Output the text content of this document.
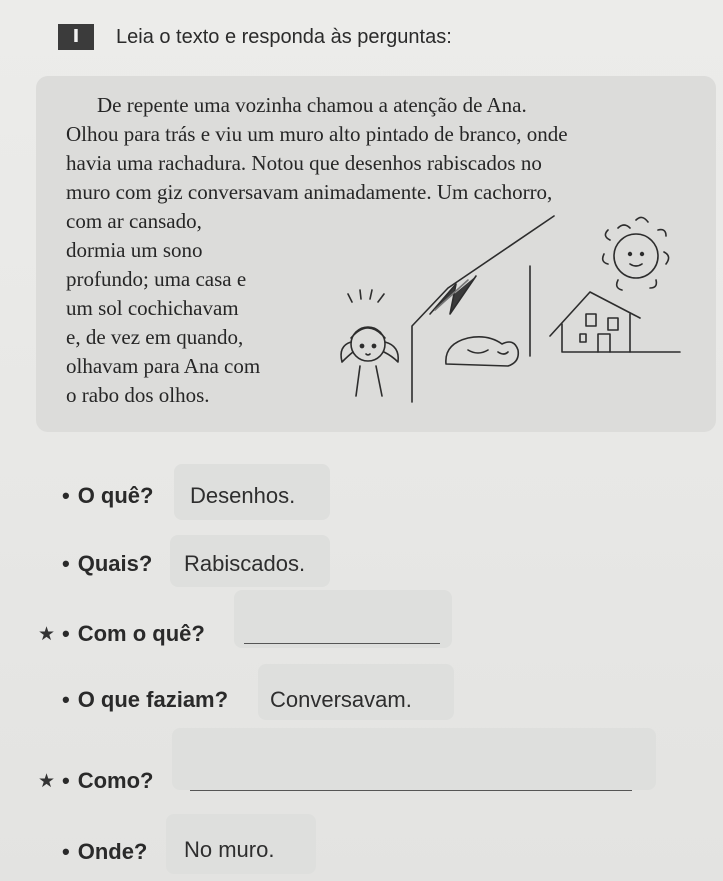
I	Leia o texto e responda às perguntas:
De repente uma vozinha chamou a atenção de Ana.
Olhou para trás e viu um muro alto pintado de branco, onde
havia uma rachadura. Notou que desenhos rabiscados no
muro com giz conversavam animadamente. Um cachorro,
com ar cansado,
dormia um sono
profundo; uma casa e
um sol cochichavam
e, de vez em quando,
olhavam para Ana com
o rabo dos olhos.
• O quê? Desenhos.
• Quais? Rabiscados.
★ • Com o quê?
• O que faziam? Conversavam.
★ • Como?
• Onde? No muro.
